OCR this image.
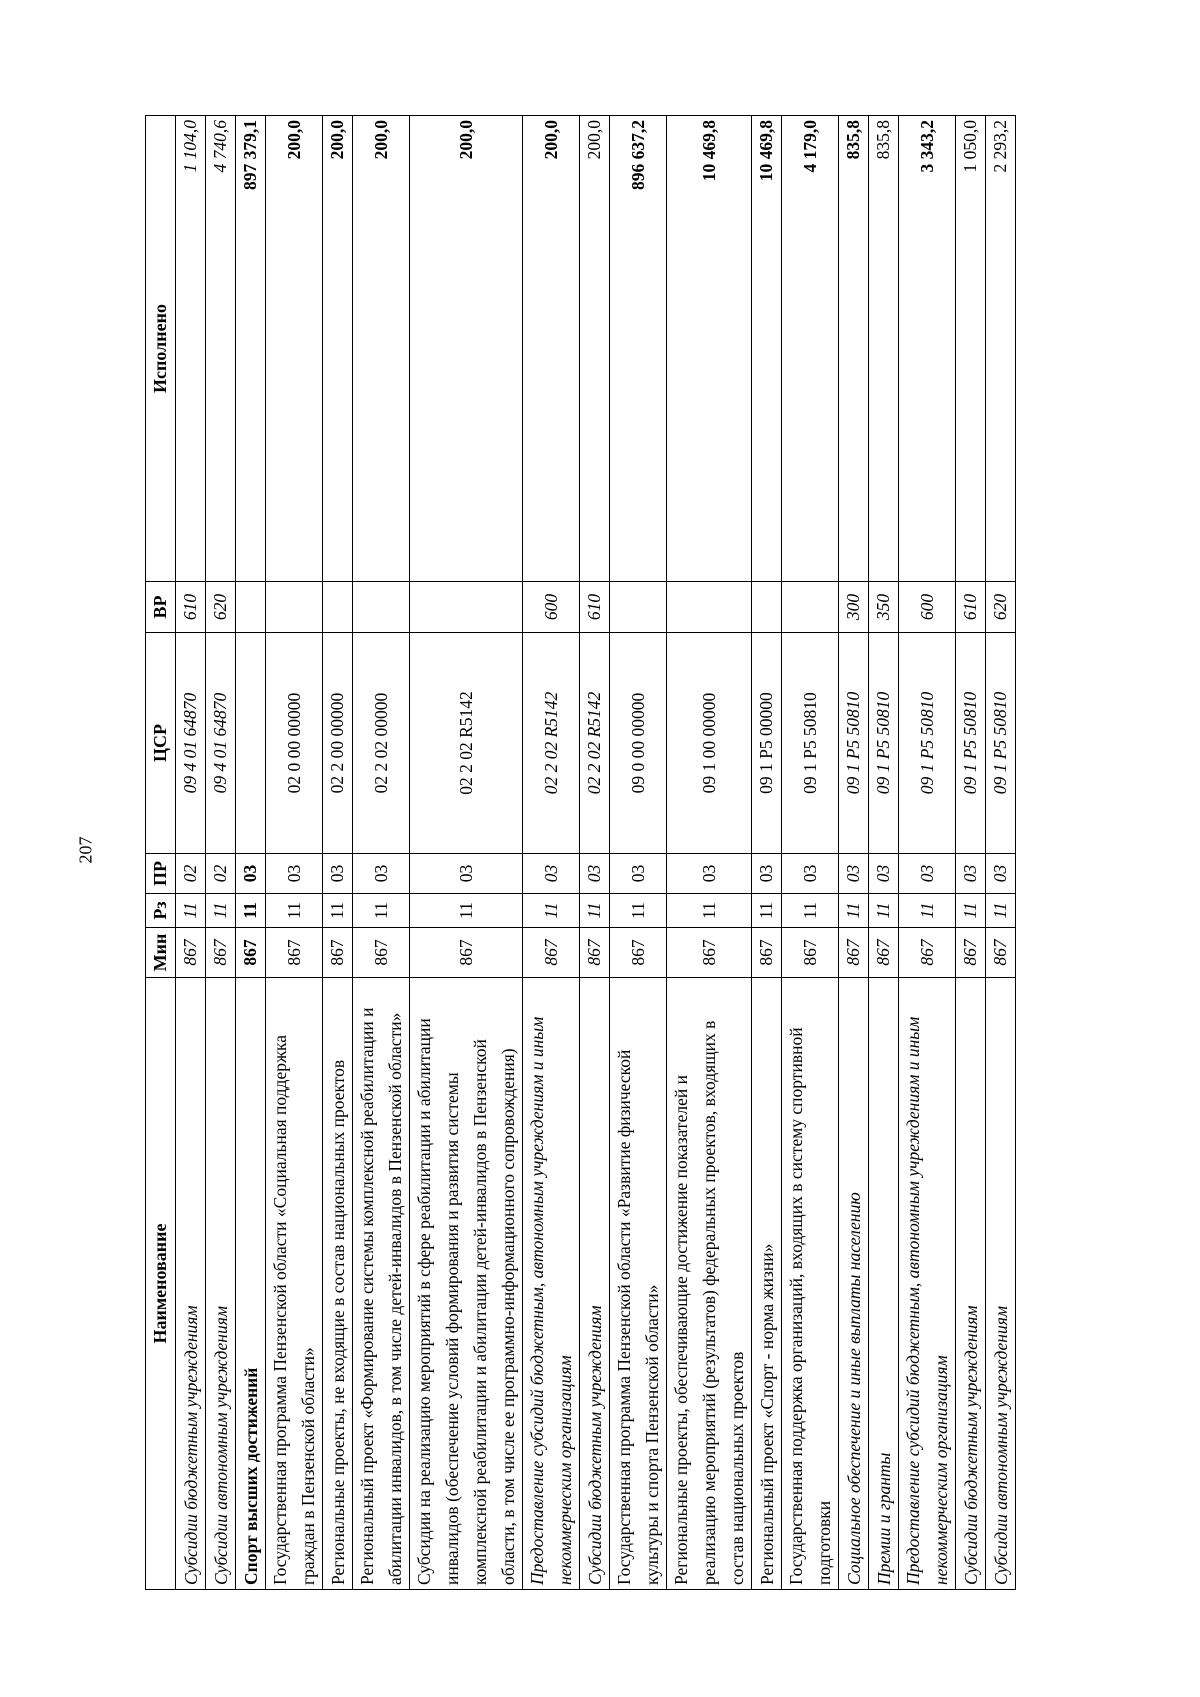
207
Наименование	Мин	Рз	ПР	ЦСР	ВР	Исполнено
Субсидии бюджетным учреждениям	867	11	02	09 4 01 64870	610	1 104,0
Субсидии автономным учреждениям	867	11	02	09 4 01 64870	620	4 740,6
Спорт высших достижений	867	11	03			897 379,1
Государственная программа Пензенской области «Социальная поддержка граждан в Пензенской области»	867	11	03	02 0 00 00000		200,0
Региональные проекты, не входящие в состав национальных проектов	867	11	03	02 2 00 00000		200,0
Региональный проект «Формирование системы комплексной реабилитации и абилитации инвалидов, в том числе детей-инвалидов в Пензенской области»	867	11	03	02 2 02 00000		200,0
Субсидии на реализацию мероприятий в сфере реабилитации и абилитации инвалидов (обеспечение условий формирования и развития системы комплексной реабилитации и абилитации детей-инвалидов в Пензенской области, в том числе ее программно-информационного сопровождения)	867	11	03	02 2 02 R5142		200,0
Предоставление субсидий бюджетным, автономным учреждениям и иным некоммерческим организациям	867	11	03	02 2 02 R5142	600	200,0
Субсидии бюджетным учреждениям	867	11	03	02 2 02 R5142	610	200,0
Государственная программа Пензенской области «Развитие физической культуры и спорта Пензенской области»	867	11	03	09 0 00 00000		896 637,2
Региональные проекты, обеспечивающие достижение показателей и реализацию мероприятий (результатов) федеральных проектов, входящих в состав национальных проектов	867	11	03	09 1 00 00000		10 469,8
Региональный проект «Спорт - норма жизни»	867	11	03	09 1 P5 00000		10 469,8
Государственная поддержка организаций, входящих в систему спортивной подготовки	867	11	03	09 1 P5 50810		4 179,0
Социальное обеспечение и иные выплаты населению	867	11	03	09 1 P5 50810	300	835,8
Премии и гранты	867	11	03	09 1 P5 50810	350	835,8
Предоставление субсидий бюджетным, автономным учреждениям и иным некоммерческим организациям	867	11	03	09 1 P5 50810	600	3 343,2
Субсидии бюджетным учреждениям	867	11	03	09 1 P5 50810	610	1 050,0
Субсидии автономным учреждениям	867	11	03	09 1 P5 50810	620	2 293,2
